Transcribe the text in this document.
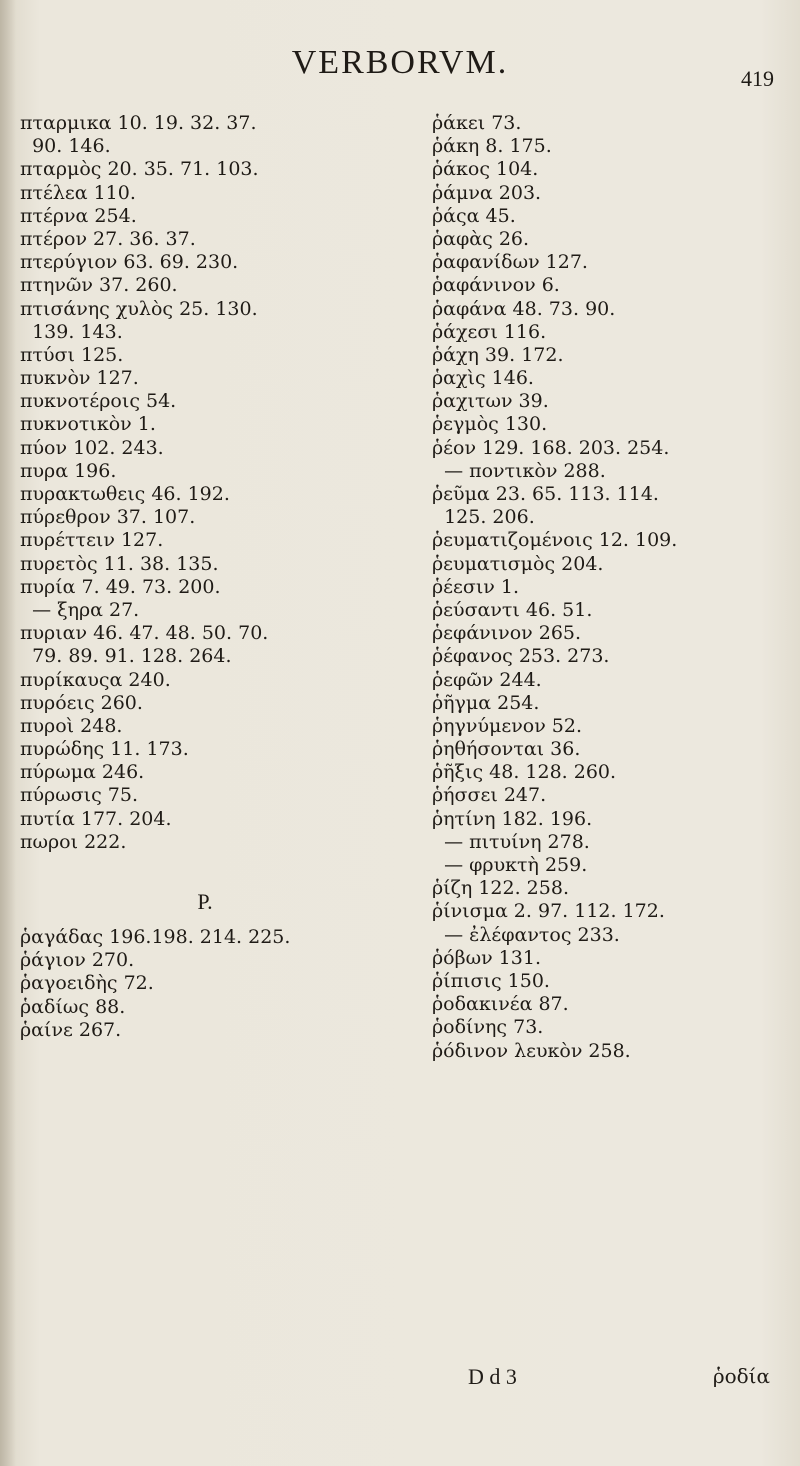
VERBORVM.	419
πταρμικα 10. 19. 32. 37.
90. 146.
πταρμὸς 20. 35. 71. 103.
πτέλεα 110.
πτέρνα 254.
πτέρον 27. 36. 37.
πτερύγιον 63. 69. 230.
πτηνῶν 37. 260.
πτισάνης χυλὸς 25. 130.
139. 143.
πτύσι 125.
πυκνὸν 127.
πυκνοτέροις 54.
πυκνοτικὸν 1.
πύον 102. 243.
πυρα 196.
πυρακτωθεις 46. 192.
πύρεθρον 37. 107.
πυρέττειν 127.
πυρετὸς 11. 38. 135.
πυρία 7. 49. 73. 200.
— ξηρα 27.
πυριαν 46. 47. 48. 50. 70.
79. 89. 91. 128. 264.
πυρίκαυςα 240.
πυρόεις 260.
πυροὶ 248.
πυρώδης 11. 173.
πύρωμα 246.
πύρωσις 75.
πυτία 177. 204.
πωροι 222.
P.
ῥαγάδας 196.198. 214. 225.
ῥάγιον 270.
ῥαγοειδὴς 72.
ῥαδίως 88.
ῥαίνε 267.
ῥάκει 73.
ῥάκη 8. 175.
ῥάκος 104.
ῥάμνα 203.
ῥάςα 45.
ῥαφὰς 26.
ῥαφανίδων 127.
ῥαφάνινον 6.
ῥαφάνα 48. 73. 90.
ῥάχεσι 116.
ῥάχη 39. 172.
ῥαχὶς 146.
ῥαχιτων 39.
ῥεγμὸς 130.
ῥέον 129. 168. 203. 254.
— ποντικὸν 288.
ῥεῦμα 23. 65. 113. 114.
125. 206.
ῥευματιζομένοις 12. 109.
ῥευματισμὸς 204.
ῥέεσιν 1.
ῥεύσαντι 46. 51.
ῥεφάνινον 265.
ῥέφανος 253. 273.
ῥεφῶν 244.
ῥῆγμα 254.
ῥηγνύμενον 52.
ῥηθήσονται 36.
ῥῆξις 48. 128. 260.
ῥήσσει 247.
ῥητίνη 182. 196.
— πιτυίνη 278.
— φρυκτὴ 259.
ῥίζη 122. 258.
ῥίνισμα 2. 97. 112. 172.
— ἐλέφαντος 233.
ῥόβων 131.
ῥίπισις 150.
ῥοδακινέα 87.
ῥοδίνης 73.
ῥόδινον λευκὸν 258.
D d 3	ῥοδία
